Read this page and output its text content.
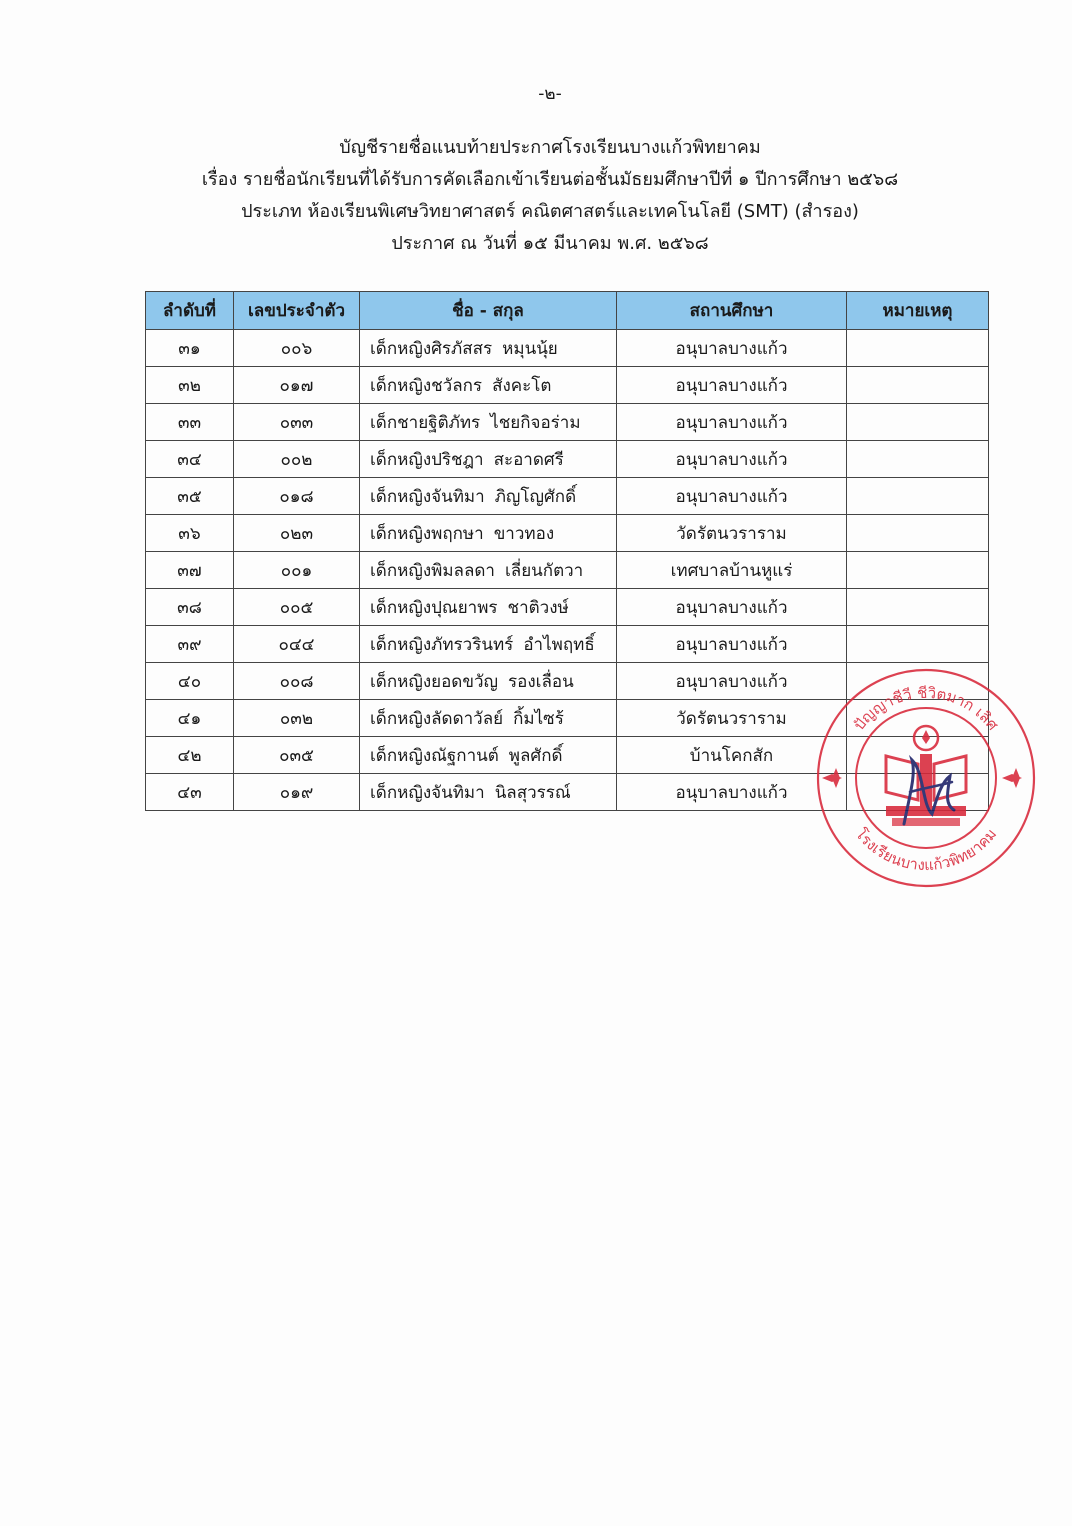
-๒-
บัญชีรายชื่อแนบท้ายประกาศโรงเรียนบางแก้วพิทยาคม
เรื่อง รายชื่อนักเรียนที่ได้รับการคัดเลือกเข้าเรียนต่อชั้นมัธยมศึกษาปีที่ ๑ ปีการศึกษา ๒๕๖๘
ประเภท ห้องเรียนพิเศษวิทยาศาสตร์ คณิตศาสตร์และเทคโนโลยี (SMT) (สำรอง)
ประกาศ ณ วันที่ ๑๕ มีนาคม พ.ศ. ๒๕๖๘
ลำดับที่	เลขประจำตัว	ชื่อ - สกุล	สถานศึกษา	หมายเหตุ
๓๑	๐๐๖	เด็กหญิงศิรภัสสร หมุนนุ้ย	อนุบาลบางแก้ว	
๓๒	๐๑๗	เด็กหญิงชวัลกร สังคะโต	อนุบาลบางแก้ว	
๓๓	๐๓๓	เด็กชายฐิติภัทร ไชยกิจอร่าม	อนุบาลบางแก้ว	
๓๔	๐๐๒	เด็กหญิงปริชฎา สะอาดศรี	อนุบาลบางแก้ว	
๓๕	๐๑๘	เด็กหญิงจันทิมา ภิญโญศักดิ์	อนุบาลบางแก้ว	
๓๖	๐๒๓	เด็กหญิงพฤกษา ขาวทอง	วัดรัตนวราราม	
๓๗	๐๐๑	เด็กหญิงพิมลลดา เลี่ยนกัตวา	เทศบาลบ้านหูแร่	
๓๘	๐๐๕	เด็กหญิงปุณยาพร ชาติวงษ์	อนุบาลบางแก้ว	
๓๙	๐๔๔	เด็กหญิงภัทรวรินทร์ อำไพฤทธิ์	อนุบาลบางแก้ว	
๔๐	๐๐๘	เด็กหญิงยอดขวัญ รองเลื่อน	อนุบาลบางแก้ว	
๔๑	๐๓๒	เด็กหญิงลัดดาวัลย์ กิ้มไซร้	วัดรัตนวราราม	
๔๒	๐๓๕	เด็กหญิงณัฐกานต์ พูลศักดิ์	บ้านโคกสัก	
๔๓	๐๑๙	เด็กหญิงจันทิมา นิลสุวรรณ์	อนุบาลบางแก้ว	
ปัญญาชีวี ชีวิตมาก เลิศ
โรงเรียนบางแก้วพิทยาคม
